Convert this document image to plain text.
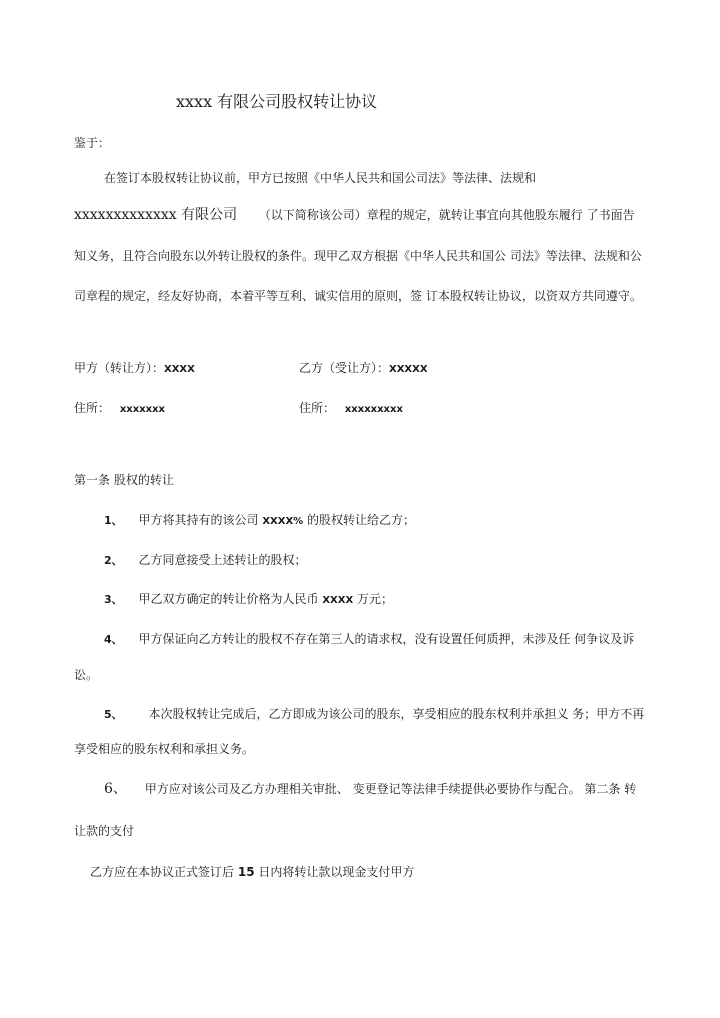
xxxx 有限公司股权转让协议
鉴于：
在签订本股权转让协议前，甲方已按照《中华人民共和国公司法》等法律、法规和
xxxxxxxxxxxxx 有限公司 （以下简称该公司）章程的规定，就转让事宜向其他股东履行 了书面告
知义务，且符合向股东以外转让股权的条件。现甲乙双方根据《中华人民共和国公 司法》等法律、法规和公
司章程的规定，经友好协商，本着平等互利、诚实信用的原则，签 订本股权转让协议，以资双方共同遵守。
甲方（转让方）：XXXX	乙方（受让方）：XXXXX
住所： xxxxxxx	住所： xxxxxxxxx
第一条 股权的转让
1、 甲方将其持有的该公司 XXXX% 的股权转让给乙方；
2、 乙方同意接受上述转让的股权；
3、 甲乙双方确定的转让价格为人民币 XXXX 万元；
4、 甲方保证向乙方转让的股权不存在第三人的请求权，没有设置任何质押，未涉及任 何争议及诉
讼。
5、 本次股权转让完成后，乙方即成为该公司的股东，享受相应的股东权利并承担义 务；甲方不再
享受相应的股东权利和承担义务。
6、 甲方应对该公司及乙方办理相关审批、 变更登记等法律手续提供必要协作与配合。 第二条 转
让款的支付
乙方应在本协议正式签订后 15 日内将转让款以现金支付甲方
